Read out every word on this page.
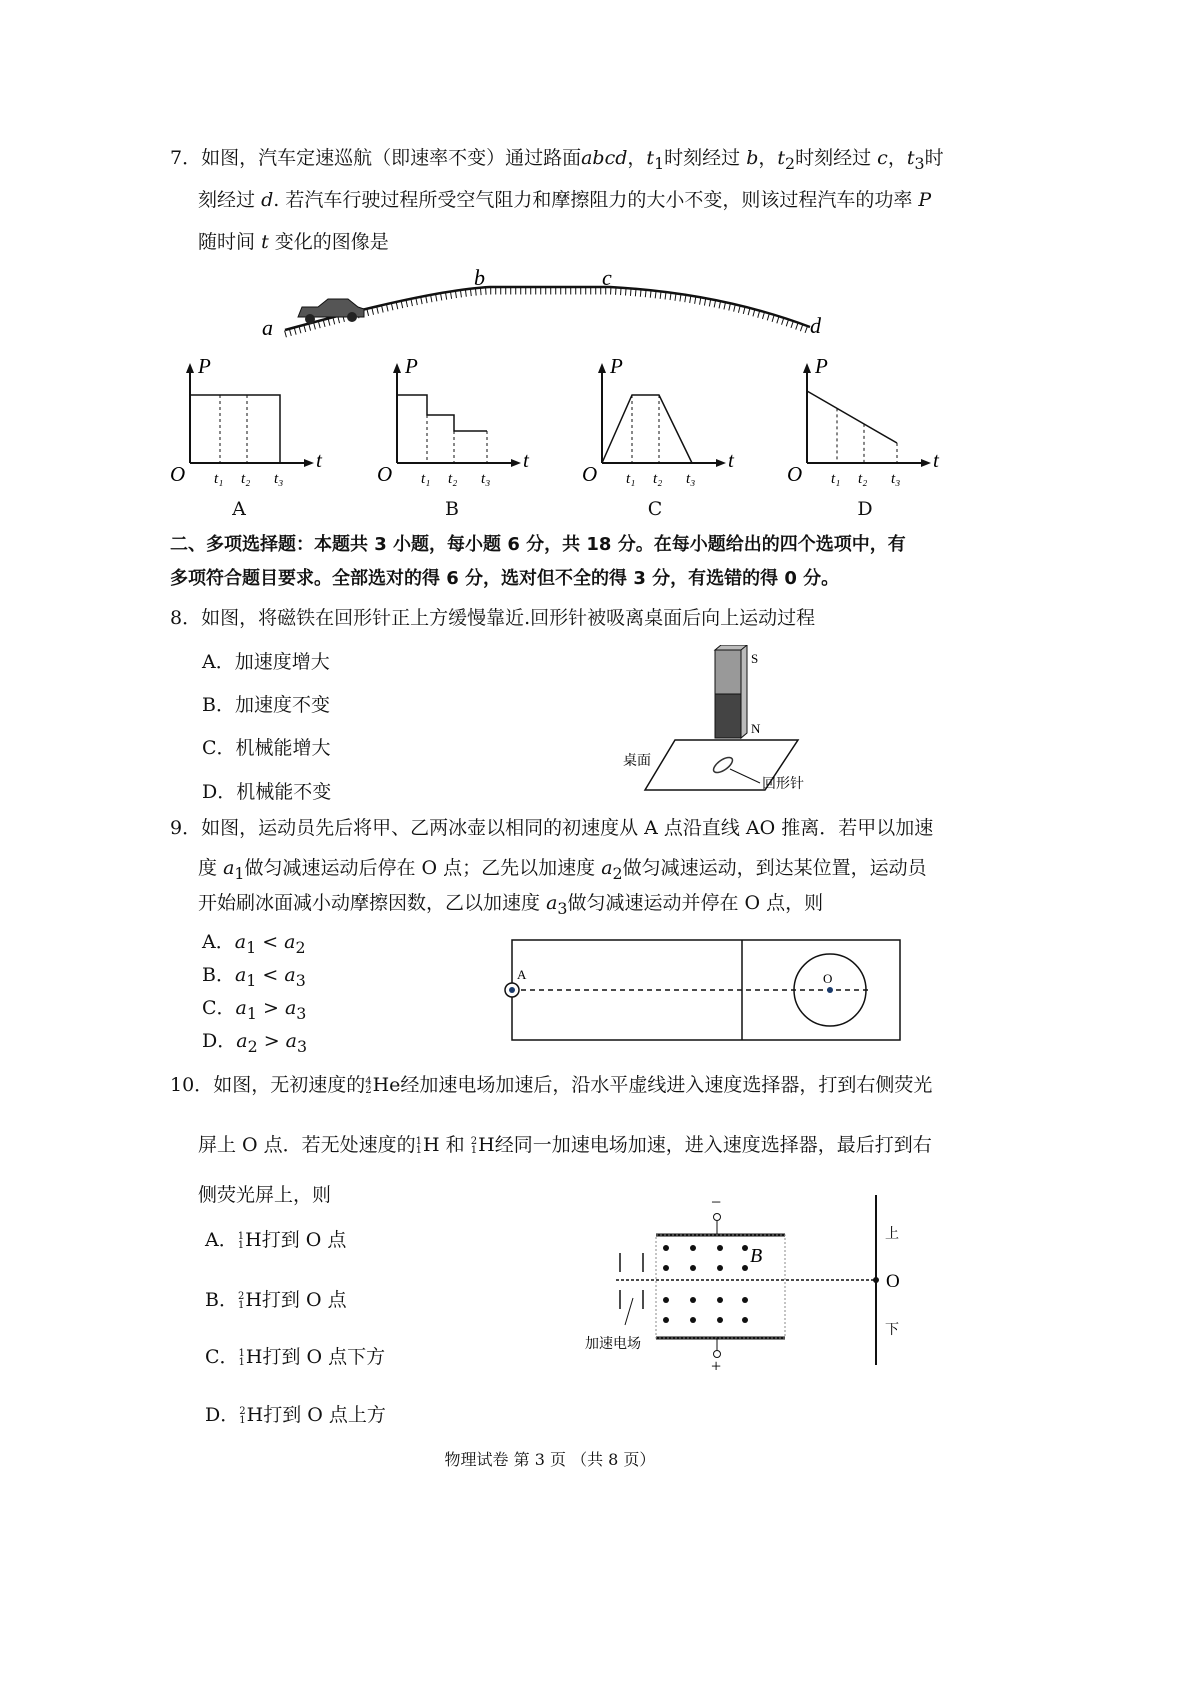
7．如图，汽车定速巡航（即速率不变）通过路面abcd，$t_1$时刻经过 b，$t_2$时刻经过 c，$t_3$时
刻经过 d. 若汽车行驶过程所受空气阻力和摩擦阻力的大小不变，则该过程汽车的功率 P
随时间 t 变化的图像是
a
b	c
d
P
t
O t₁ t₂ t₃
P
t
O t₁ t₂ t₃
P
t
O t₁ t₂ t₃
P
t
O t₁ t₂ t₃
A	B	C	D
二、多项选择题：本题共 3 小题，每小题 6 分，共 18 分。在每小题给出的四个选项中，有
多项符合题目要求。全部选对的得 6 分，选对但不全的得 3 分，有选错的得 0 分。
8．如图，将磁铁在回形针正上方缓慢靠近.回形针被吸离桌面后向上运动过程
A．加速度增大
B．加速度不变
C．机械能增大
D．机械能不变
S
N
桌面
回形针
9．如图，运动员先后将甲、乙两冰壶以相同的初速度从 A 点沿直线 AO 推离．若甲以加速
度 $a_1$做匀减速运动后停在 O 点；乙先以加速度 $a_2$做匀减速运动，到达某位置，运动员
开始刷冰面减小动摩擦因数，乙以加速度 $a_3$做匀减速运动并停在 O 点，则
A．$a_1 < a_2$
B．$a_1 < a_3$
C．$a_1 > a_3$
D．$a_2 > a_3$
A	O
10．如图，无初速度的 4
2 He经加速电场加速后，沿水平虚线进入速度选择器，打到右侧荧光
屏上 O 点．若无处速度的 1
1 H 和 2
1 H经同一加速电场加速，进入速度选择器，最后打到右
侧荧光屏上，则
A． 1
1 H打到 O 点
B． 2
1 H打到 O 点
C． 1
1 H打到 O 点下方
D． 2
1 H打到 O 点上方
−
+
B
O
上
下
加速电场
物理试卷 第 3 页 （共 8 页）
